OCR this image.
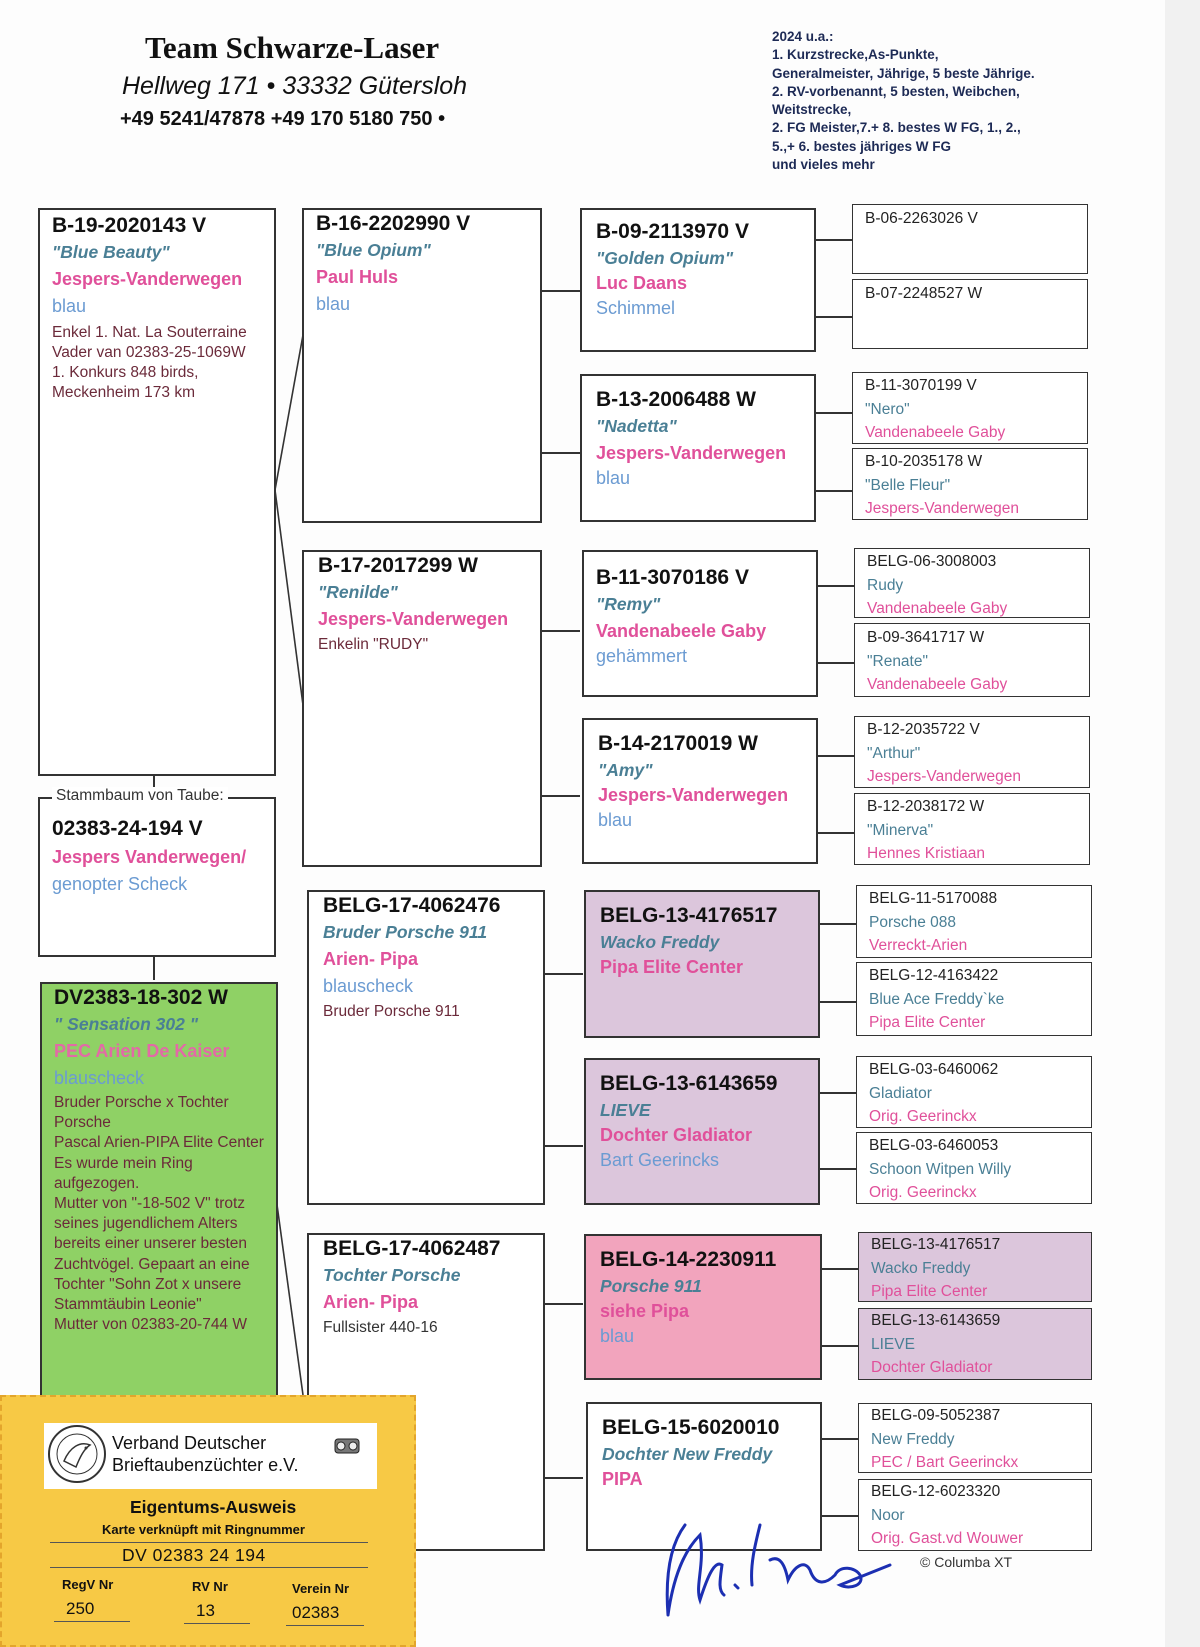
Team Schwarze-Laser
Hellweg 171 • 33332 Gütersloh
+49 5241/47878 +49 170 5180 750 •
2024 u.a.:
1. Kurzstrecke,As-Punkte,
Generalmeister, Jährige, 5 beste Jährige.
2. RV-vorbenannt, 5 besten, Weibchen,
Weitstrecke,
2. FG Meister,7.+ 8. bestes W FG, 1., 2.,
5.,+ 6. bestes jähriges W FG
und vieles mehr
B-19-2020143 V
"Blue Beauty"
Jespers-Vanderwegen
blau
Enkel 1. Nat. La Souterraine
Vader van 02383-25-1069W
1. Konkurs 848 birds, Meckenheim 173 km
Stammbaum von Taube:
02383-24-194 V
Jespers Vanderwegen/
genopter Scheck
DV2383-18-302 W
" Sensation 302 "
PEC Arien De Kaiser
blauscheck
Bruder Porsche x Tochter Porsche
Pascal Arien-PIPA Elite Center
Es wurde mein Ring aufgezogen.
Mutter von "-18-502 V" trotz seines jugendlichem Alters bereits einer unserer besten Zuchtvögel. Gepaart an eine Tochter "Sohn Zot x unsere Stammtäubin Leonie"
Mutter von 02383-20-744 W
B-16-2202990 V
"Blue Opium"
Paul Huls
blau
B-17-2017299 W
"Renilde"
Jespers-Vanderwegen
Enkelin "RUDY"
BELG-17-4062476
Bruder Porsche 911
Arien- Pipa
blauscheck
Bruder Porsche 911
BELG-17-4062487
Tochter Porsche
Arien- Pipa
Fullsister 440-16
B-09-2113970 V
"Golden Opium"
Luc Daans
Schimmel
B-13-2006488 W
"Nadetta"
Jespers-Vanderwegen
blau
B-11-3070186 V
"Remy"
Vandenabeele Gaby
gehämmert
B-14-2170019 W
"Amy"
Jespers-Vanderwegen
blau
BELG-13-4176517
Wacko Freddy
Pipa Elite Center
BELG-13-6143659
LIEVE
Dochter Gladiator
Bart Geerincks
BELG-14-2230911
Porsche 911
siehe Pipa
blau
BELG-15-6020010
Dochter New Freddy
PIPA
B-06-2263026 V
B-07-2248527 W
B-11-3070199 V
"Nero"
Vandenabeele Gaby
B-10-2035178 W
"Belle Fleur"
Jespers-Vanderwegen
BELG-06-3008003
Rudy
Vandenabeele Gaby
B-09-3641717 W
"Renate"
Vandenabeele Gaby
B-12-2035722 V
"Arthur"
Jespers-Vanderwegen
B-12-2038172 W
"Minerva"
Hennes Kristiaan
BELG-11-5170088
Porsche 088
Verreckt-Arien
BELG-12-4163422
Blue Ace Freddy`ke
Pipa Elite Center
BELG-03-6460062
Gladiator
Orig. Geerinckx
BELG-03-6460053
Schoon Witpen Willy
Orig. Geerinckx
BELG-13-4176517
Wacko Freddy
Pipa Elite Center
BELG-13-6143659
LIEVE
Dochter Gladiator
BELG-09-5052387
New Freddy
PEC / Bart Geerinckx
BELG-12-6023320
Noor
Orig. Gast.vd Wouwer
© Columba XT
Verband Deutscher
Brieftaubenzüchter e.V.
Eigentums-Ausweis
Karte verknüpft mit Ringnummer
DV 02383 24 194
RegV Nr	RV Nr	Verein Nr
250	13	02383
